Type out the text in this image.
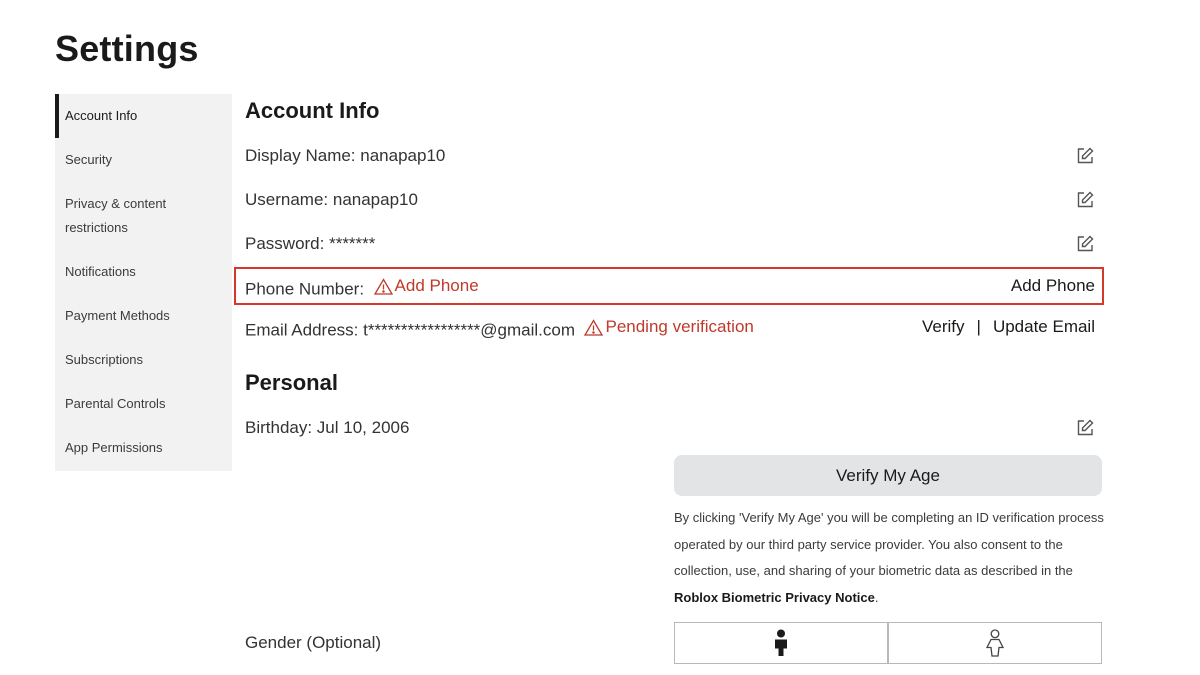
Settings
Account Info
Security
Privacy & content restrictions
Notifications
Payment Methods
Subscriptions
Parental Controls
App Permissions
Account Info
Display Name: nanapap10
Username: nanapap10
Password: *******
Phone Number: Add Phone	Add Phone
Email Address: t*****************@gmail.com Pending verification	Verify | Update Email
Personal
Birthday: Jul 10, 2006
Verify My Age
By clicking 'Verify My Age' you will be completing an ID verification process operated by our third party service provider. You also consent to the collection, use, and sharing of your biometric data as described in the Roblox Biometric Privacy Notice.
Gender (Optional)
